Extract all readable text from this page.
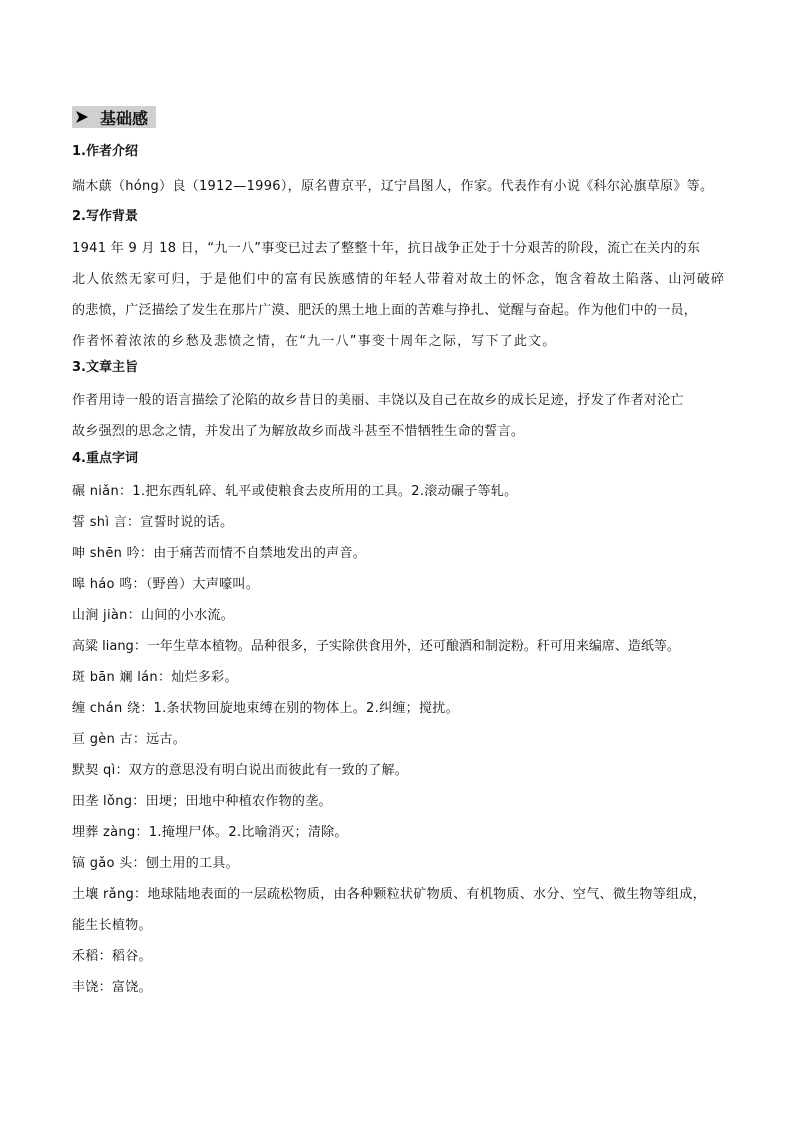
基础感
1.作者介绍
端木蕻（hóng）良（1912—1996），原名曹京平，辽宁昌图人，作家。代表作有小说《科尔沁旗草原》等。
2.写作背景
1941 年 9 月 18 日，“九一八”事变已过去了整整十年，抗日战争正处于十分艰苦的阶段，流亡在关内的东
北人依然无家可归，于是他们中的富有民族感情的年轻人带着对故土的怀念，饱含着故土陷落、山河破碎
的悲愤，广泛描绘了发生在那片广漠、肥沃的黑土地上面的苦难与挣扎、觉醒与奋起。作为他们中的一员，
作者怀着浓浓的乡愁及悲愤之情，在“九一八”事变十周年之际，写下了此文。
3.文章主旨
作者用诗一般的语言描绘了沦陷的故乡昔日的美丽、丰饶以及自己在故乡的成长足迹，抒发了作者对沦亡
故乡强烈的思念之情，并发出了为解放故乡而战斗甚至不惜牺牲生命的誓言。
4.重点字词
碾 niǎn：1.把东西轧碎、轧平或使粮食去皮所用的工具。2.滚动碾子等轧。
誓 shì 言：宣誓时说的话。
呻 shēn 吟：由于痛苦而情不自禁地发出的声音。
嗥 háo 鸣：（野兽）大声嚎叫。
山涧 jiàn：山间的小水流。
高粱 liang：一年生草本植物。品种很多，子实除供食用外，还可酿酒和制淀粉。秆可用来编席、造纸等。
斑 bān 斓 lán：灿烂多彩。
缠 chán 绕：1.条状物回旋地束缚在别的物体上。2.纠缠；搅扰。
亘 gèn 古：远古。
默契 qì：双方的意思没有明白说出而彼此有一致的了解。
田垄 lǒng：田埂；田地中种植农作物的垄。
埋葬 zàng：1.掩埋尸体。2.比喻消灭；清除。
镐 gǎo 头：刨土用的工具。
土壤 rǎng：地球陆地表面的一层疏松物质，由各种颗粒状矿物质、有机物质、水分、空气、微生物等组成，
能生长植物。
禾稻：稻谷。
丰饶：富饶。
